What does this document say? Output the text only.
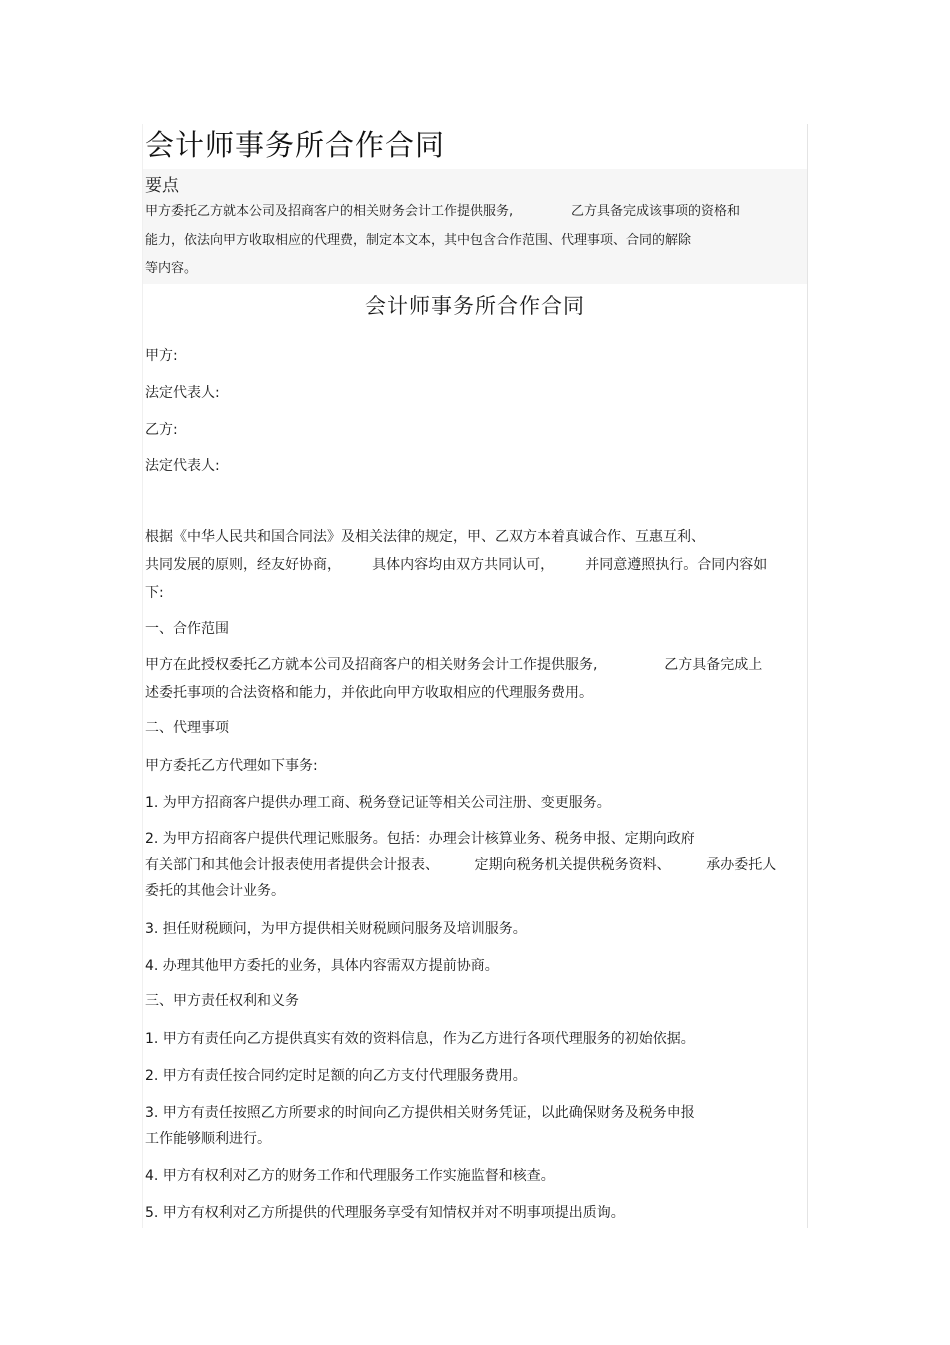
会计师事务所合作合同
要点
甲方委托乙方就本公司及招商客户的相关财务会计工作提供服务,              乙方具备完成该事项的资格和
能力，依法向甲方收取相应的代理费，制定本文本，其中包含合作范围、代理事项、合同的解除
等内容。
会计师事务所合作合同
甲方:
法定代表人:
乙方:
法定代表人:
根据《中华人民共和国合同法》及相关法律的规定，甲、乙双方本着真诚合作、互惠互利、
共同发展的原则，经友好协商，       具体内容均由双方共同认可，       并同意遵照执行。合同内容如
下:
一、合作范围
甲方在此授权委托乙方就本公司及招商客户的相关财务会计工作提供服务,               乙方具备完成上
述委托事项的合法资格和能力，并依此向甲方收取相应的代理服务费用。
二、代理事项
甲方委托乙方代理如下事务:
1. 为甲方招商客户提供办理工商、税务登记证等相关公司注册、变更服务。
2. 为甲方招商客户提供代理记账服务。包括：办理会计核算业务、税务申报、定期向政府
有关部门和其他会计报表使用者提供会计报表、        定期向税务机关提供税务资料、        承办委托人
委托的其他会计业务。
3. 担任财税顾问，为甲方提供相关财税顾问服务及培训服务。
4. 办理其他甲方委托的业务，具体内容需双方提前协商。
三、甲方责任权利和义务
1. 甲方有责任向乙方提供真实有效的资料信息，作为乙方进行各项代理服务的初始依据。
2. 甲方有责任按合同约定时足额的向乙方支付代理服务费用。
3. 甲方有责任按照乙方所要求的时间向乙方提供相关财务凭证，以此确保财务及税务申报
工作能够顺利进行。
4. 甲方有权利对乙方的财务工作和代理服务工作实施监督和核查。
5. 甲方有权利对乙方所提供的代理服务享受有知情权并对不明事项提出质询。
